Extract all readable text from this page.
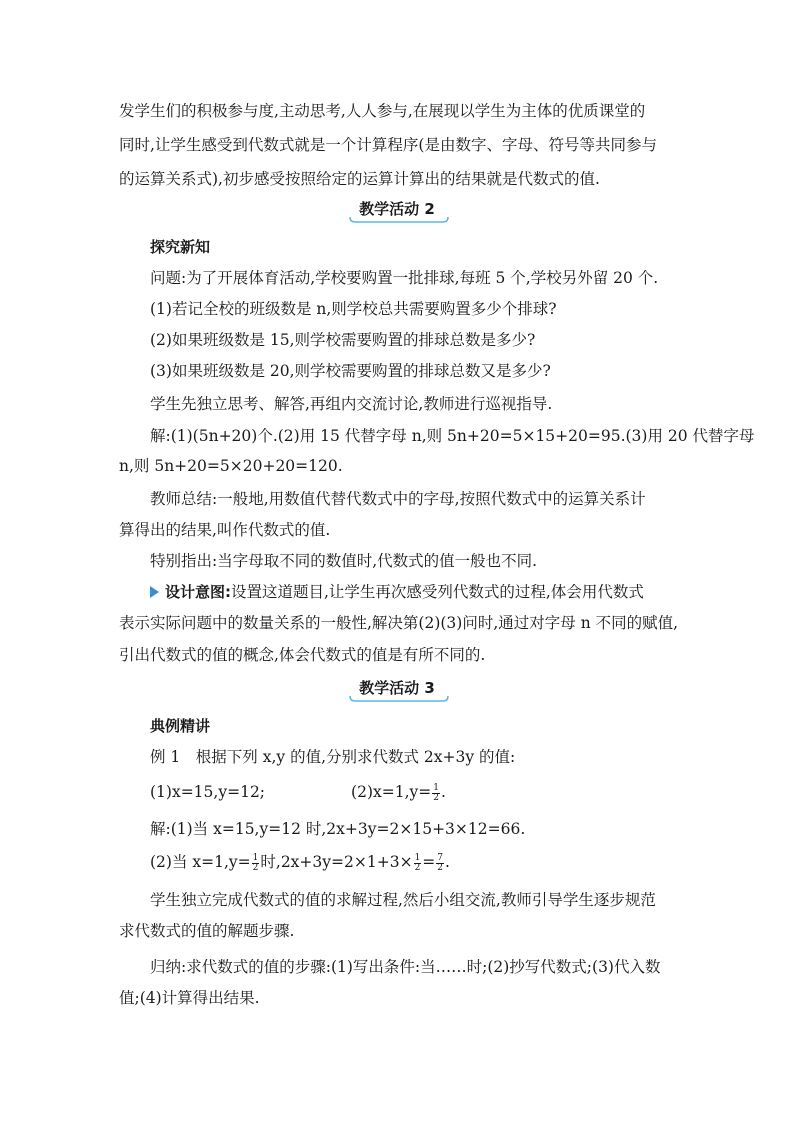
发学生们的积极参与度,主动思考,人人参与,在展现以学生为主体的优质课堂的
同时,让学生感受到代数式就是一个计算程序(是由数字、字母、符号等共同参与
的运算关系式),初步感受按照给定的运算计算出的结果就是代数式的值.
教学活动 2
探究新知
问题:为了开展体育活动,学校要购置一批排球,每班 5 个,学校另外留 20 个.
(1)若记全校的班级数是 n,则学校总共需要购置多少个排球?
(2)如果班级数是 15,则学校需要购置的排球总数是多少?
(3)如果班级数是 20,则学校需要购置的排球总数又是多少?
学生先独立思考、解答,再组内交流讨论,教师进行巡视指导.
解:(1)(5n+20)个.(2)用 15 代替字母 n,则 5n+20=5×15+20=95.(3)用 20 代替字母
n,则 5n+20=5×20+20=120.
教师总结:一般地,用数值代替代数式中的字母,按照代数式中的运算关系计
算得出的结果,叫作代数式的值.
特别指出:当字母取不同的数值时,代数式的值一般也不同.
设计意图:设置这道题目,让学生再次感受列代数式的过程,体会用代数式
表示实际问题中的数量关系的一般性,解决第(2)(3)问时,通过对字母 n 不同的赋值,
引出代数式的值的概念,体会代数式的值是有所不同的.
教学活动 3
典例精讲
例 1　根据下列 x,y 的值,分别求代数式 2x+3y 的值:
(1)x=15,y=12;	$(2)x=1,y= \frac{1}{2}$ .
解:(1)当 x=15,y=12 时,2x+3y=2×15+3×12=66.
(2)当 $x=1,y= \frac{1}{2}$ 时$,2x+3y=2\times 1+3\times \frac{1}{2} = \frac{7}{2}$ .
学生独立完成代数式的值的求解过程,然后小组交流,教师引导学生逐步规范
求代数式的值的解题步骤.
归纳:求代数式的值的步骤:(1)写出条件:当……时;(2)抄写代数式;(3)代入数
值;(4)计算得出结果.
